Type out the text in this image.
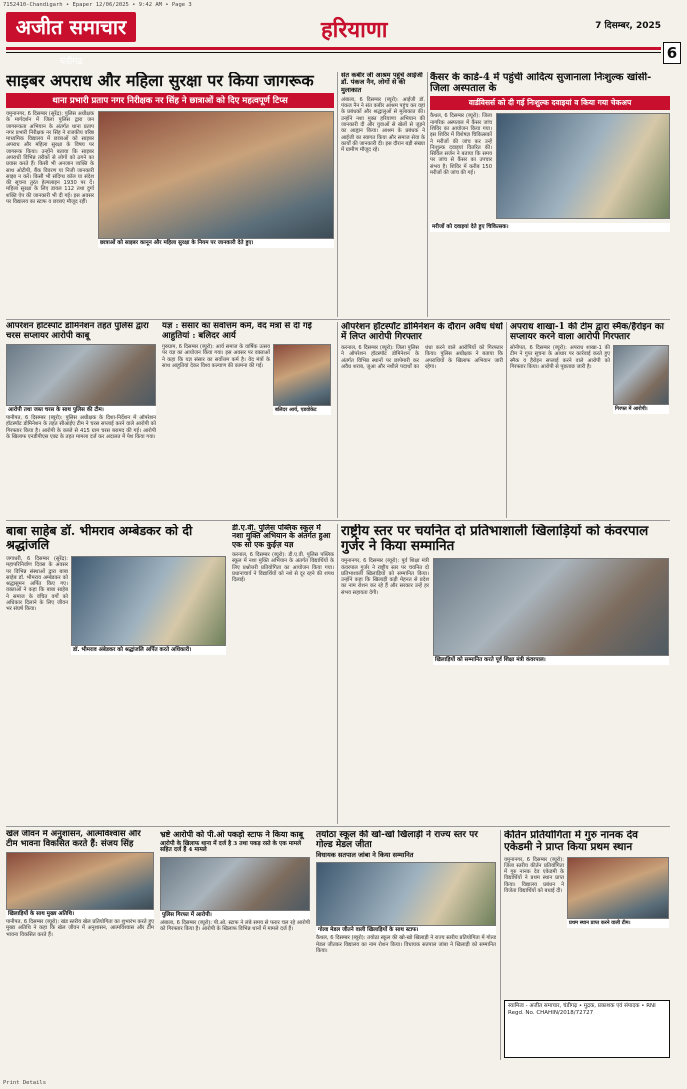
7152410-Chandigarh • Epaper 12/06/2025 • 9:42 AM • Page 3
अजीत समाचार चंडीगढ़
हरियाणा	7 दिसम्बर, 2025
6
साइबर अपराध और महिला सुरक्षा पर किया जागरूक
थाना प्रभारी प्रताप नगर निरीक्षक नर सिंह ने छात्राओं को दिए महत्वपूर्ण टिप्स
यमुनानगर, 6 दिसम्बर (सुरेंद्र): पुलिस अधीक्षक के मार्गदर्शन में जिला पुलिस द्वारा जन जागरूकता अभियान के अंतर्गत थाना प्रताप नगर प्रभारी निरीक्षक नर सिंह ने राजकीय वरिष्ठ माध्यमिक विद्यालय में छात्राओं को साइबर अपराध और महिला सुरक्षा के विषय पर जागरूक किया। उन्होंने बताया कि साइबर अपराधी विभिन्न तरीकों से लोगों को ठगने का प्रयास करते हैं। किसी भी अनजान व्यक्ति के साथ ओटीपी, बैंक विवरण या निजी जानकारी साझा न करें। किसी भी संदिग्ध कॉल या संदेश की सूचना तुरंत हेल्पलाइन 1930 पर दें। महिला सुरक्षा के लिए डायल 112 तथा दुर्गा शक्ति ऐप की जानकारी भी दी गई। इस अवसर पर विद्यालय का स्टाफ व छात्राएं मौजूद रहीं।
छात्राओं को साइबर कानून और महिला सुरक्षा के नियम पर जानकारी देते हुए।
संत कबीर जी आश्रम पहुंचे आईजी डॉ. पंकज नैन, लोगों से की मुलाकात
अंबाला, 6 दिसम्बर (ब्यूरो): आईजी डॉ. पंकज नैन ने संत कबीर आश्रम पहुंच कर वहां के प्रबंधकों और श्रद्धालुओं से मुलाकात की। उन्होंने नशा मुक्त हरियाणा अभियान की जानकारी दी और युवाओं से खेलों से जुड़ने का आह्वान किया। आश्रम के प्रबंधक ने आईजी का स्वागत किया और समाज सेवा के कार्यों की जानकारी दी। इस दौरान बड़ी संख्या में ग्रामीण मौजूद रहे।
कैंसर के कार्ड-4 में पहुंची आदित्य सुजानाला निःशुल्क खांसी-जिला अस्पताल के
वार्डविसर्स को दी गई निःशुल्क दवाइयां व किया गया चेकअप
कैथल, 6 दिसम्बर (ब्यूरो): जिला नागरिक अस्पताल में कैंसर जांच शिविर का आयोजन किया गया। इस शिविर में विशेषज्ञ चिकित्सकों ने मरीजों की जांच कर उन्हें निःशुल्क दवाइयां वितरित कीं। सिविल सर्जन ने बताया कि समय पर जांच से कैंसर का उपचार संभव है। शिविर में करीब 150 मरीजों की जांच की गई।
मरीजों को दवाइयां देते हुए चिकित्सक।
ऑपरेशन हॉटस्पॉट डोमिनेशन तहत पुलिस द्वारा चरस सप्लायर आरोपी काबू
आरोपी तथा जब्त चरस के साथ पुलिस की टीम।
पानीपत, 6 दिसम्बर (ब्यूरो): पुलिस अधीक्षक के दिशा-निर्देशन में ऑपरेशन हॉटस्पॉट डोमिनेशन के तहत सीआईए टीम ने चरस सप्लाई करने वाले आरोपी को गिरफ्तार किया है। आरोपी के कब्जे से 415 ग्राम चरस बरामद की गई। आरोपी के खिलाफ एनडीपीएस एक्ट के तहत मामला दर्ज कर अदालत में पेश किया गया।
यज्ञ : संसार का सर्वोत्तम कर्म, वेद मंत्रों से दी गई आहुतियां : बलिदर आर्य
गुरुग्राम, 6 दिसम्बर (ब्यूरो): आर्य समाज के वार्षिक उत्सव पर यज्ञ का आयोजन किया गया। इस अवसर पर वक्ताओं ने कहा कि यज्ञ संसार का सर्वोत्तम कर्म है। वेद मंत्रों के साथ आहुतियां देकर विश्व कल्याण की कामना की गई।
बलिदर आर्य, एडवोकेट
ऑपरेशन हॉटस्पॉट डोमिनेशन के दौरान अवैध धंधों में लिप्त आरोपी गिरफ्तार
करनाल, 6 दिसम्बर (ब्यूरो): जिला पुलिस ने ऑपरेशन हॉटस्पॉट डोमिनेशन के अंतर्गत विभिन्न स्थानों पर छापेमारी कर अवैध शराब, जुआ और नशीले पदार्थों का धंधा करने वाले आरोपियों को गिरफ्तार किया। पुलिस अधीक्षक ने बताया कि अपराधियों के खिलाफ अभियान जारी रहेगा।
अपराध शाखा-1 की टीम द्वारा स्मैक/हैरोइन का सप्लायर करने वाला आरोपी गिरफ्तार
सोनीपत, 6 दिसम्बर (ब्यूरो): अपराध शाखा-1 की टीम ने गुप्त सूचना के आधार पर कार्रवाई करते हुए स्मैक व हैरोइन सप्लाई करने वाले आरोपी को गिरफ्तार किया। आरोपी से पूछताछ जारी है।
गिरफ्त में आरोपी।
बाबा साहेब डॉ. भीमराव अम्बेडकर को दी श्रद्धांजलि
जगाधरी, 6 दिसम्बर (सुरेंद्र): महापरिनिर्वाण दिवस के अवसर पर विभिन्न संस्थाओं द्वारा बाबा साहेब डॉ. भीमराव अम्बेडकर को श्रद्धासुमन अर्पित किए गए। वक्ताओं ने कहा कि बाबा साहेब ने समाज के वंचित वर्गों को अधिकार दिलाने के लिए जीवन भर संघर्ष किया।
डॉ. भीमराव अंबेडकर को श्रद्धांजलि अर्पित करते अधिकारी।
डी.ए.वी. पुलिस पब्लिक स्कूल में नशा मुक्ति अभियान के अंतर्गत हुआ एक सो एक कुईज़ यज्ञ
करनाल, 6 दिसम्बर (ब्यूरो): डी.ए.वी. पुलिस पब्लिक स्कूल में नशा मुक्ति अभियान के अंतर्गत विद्यार्थियों के लिए प्रश्नोत्तरी प्रतियोगिता का आयोजन किया गया। प्रधानाचार्य ने विद्यार्थियों को नशे से दूर रहने की शपथ दिलाई।
राष्ट्रीय स्तर पर चयनित दो प्रतिभाशाली खिलाड़ियों को कंवरपाल गुर्जर ने किया सम्मानित
यमुनानगर, 6 दिसम्बर (ब्यूरो): पूर्व शिक्षा मंत्री कंवरपाल गुर्जर ने राष्ट्रीय स्तर पर चयनित दो प्रतिभाशाली खिलाड़ियों को सम्मानित किया। उन्होंने कहा कि खिलाड़ी कड़ी मेहनत से प्रदेश का नाम रोशन कर रहे हैं और सरकार उन्हें हर संभव सहायता देगी।
खिलाड़ियों को सम्मानित करते पूर्व शिक्षा मंत्री कंवरपाल।
खेल जीवन में अनुशासन, आत्मविश्वास और टीम भावना विकसित करते हैं: संजय सिंह
खिलाड़ियों के साथ मुख्य अतिथि।
पानीपत, 6 दिसम्बर (ब्यूरो): खंड स्तरीय खेल प्रतियोगिता का शुभारंभ करते हुए मुख्य अतिथि ने कहा कि खेल जीवन में अनुशासन, आत्मविश्वास और टीम भावना विकसित करते हैं।
भ्रष्टे आरोपी को पी.ओ पकड़ो स्टाफ ने किया काबू
आरोपी के खिलाफ थाना में दर्ज है 3 तथा पकड़ रस्ते के एक मामले सहित दर्ज हैं 4 मामले
पुलिस गिरफ्त में आरोपी।
अंबाला, 6 दिसम्बर (ब्यूरो): पी.ओ. स्टाफ ने लंबे समय से फरार चल रहे आरोपी को गिरफ्तार किया है। आरोपी के खिलाफ विभिन्न थानों में मामले दर्ज हैं।
तयोठा स्कूल की खो-खो खिलाड़ी ने राज्य स्तर पर गोल्ड मेडल जीता
विधायक सतपाल जांबा ने किया सम्मानित
गोल्ड मेडल जीतने वाली खिलाड़ियों के साथ स्टाफ।
कैथल, 6 दिसम्बर (ब्यूरो): तयोठा स्कूल की खो-खो खिलाड़ी ने राज्य स्तरीय प्रतियोगिता में गोल्ड मेडल जीतकर विद्यालय का नाम रोशन किया। विधायक सतपाल जांबा ने खिलाड़ी को सम्मानित किया।
कीर्तन प्रतियोगिता में गुरु नानक देव एकेडमी ने प्राप्त किया प्रथम स्थान
यमुनानगर, 6 दिसम्बर (ब्यूरो): जिला स्तरीय कीर्तन प्रतियोगिता में गुरु नानक देव एकेडमी के विद्यार्थियों ने प्रथम स्थान प्राप्त किया। विद्यालय प्रबंधन ने विजेता विद्यार्थियों को बधाई दी।
प्रथम स्थान प्राप्त करने वाली टीम।
स्वामित्व - अजीत समाचार, चंडीगढ़ • मुद्रक, प्रकाशक एवं संपादक • RNI Regd. No. CHAHIN/2018/72727
Print Details
